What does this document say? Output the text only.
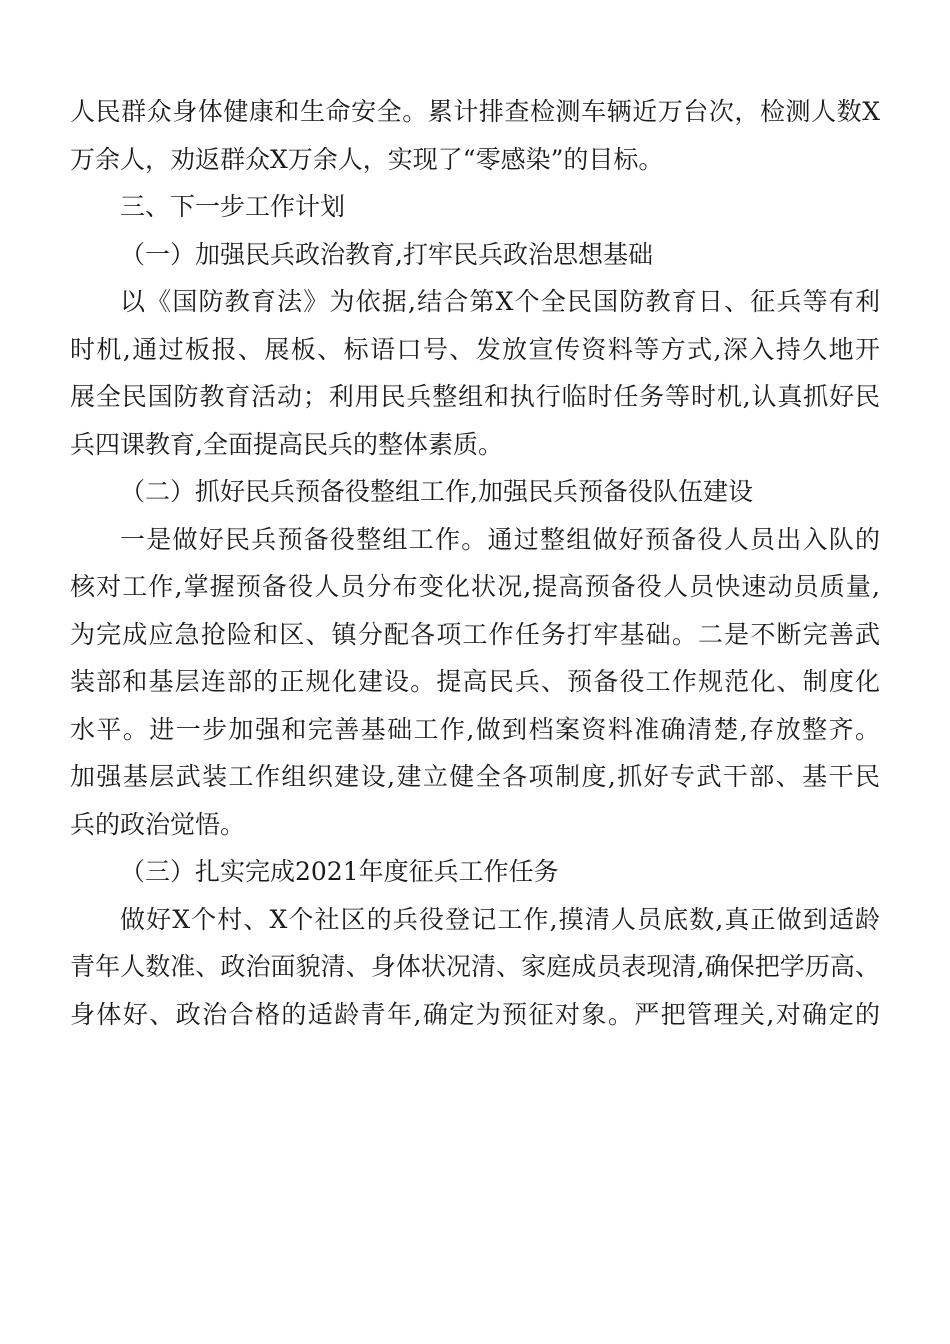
人民群众身体健康和生命安全。累计排查检测车辆近万台次，检测人数X
万余人，劝返群众X万余人，实现了“零感染”的目标。
三、下一步工作计划
（一）加强民兵政治教育,打牢民兵政治思想基础
以《国防教育法》为依据,结合第X个全民国防教育日、征兵等有利
时机,通过板报、展板、标语口号、发放宣传资料等方式,深入持久地开
展全民国防教育活动；利用民兵整组和执行临时任务等时机,认真抓好民
兵四课教育,全面提高民兵的整体素质。
（二）抓好民兵预备役整组工作,加强民兵预备役队伍建设
一是做好民兵预备役整组工作。通过整组做好预备役人员出入队的
核对工作,掌握预备役人员分布变化状况,提高预备役人员快速动员质量,
为完成应急抢险和区、镇分配各项工作任务打牢基础。二是不断完善武
装部和基层连部的正规化建设。提高民兵、预备役工作规范化、制度化
水平。进一步加强和完善基础工作,做到档案资料准确清楚,存放整齐。
加强基层武装工作组织建设,建立健全各项制度,抓好专武干部、基干民
兵的政治觉悟。
（三）扎实完成2021年度征兵工作任务
做好X个村、X个社区的兵役登记工作,摸清人员底数,真正做到适龄
青年人数准、政治面貌清、身体状况清、家庭成员表现清,确保把学历高、
身体好、政治合格的适龄青年,确定为预征对象。严把管理关,对确定的
